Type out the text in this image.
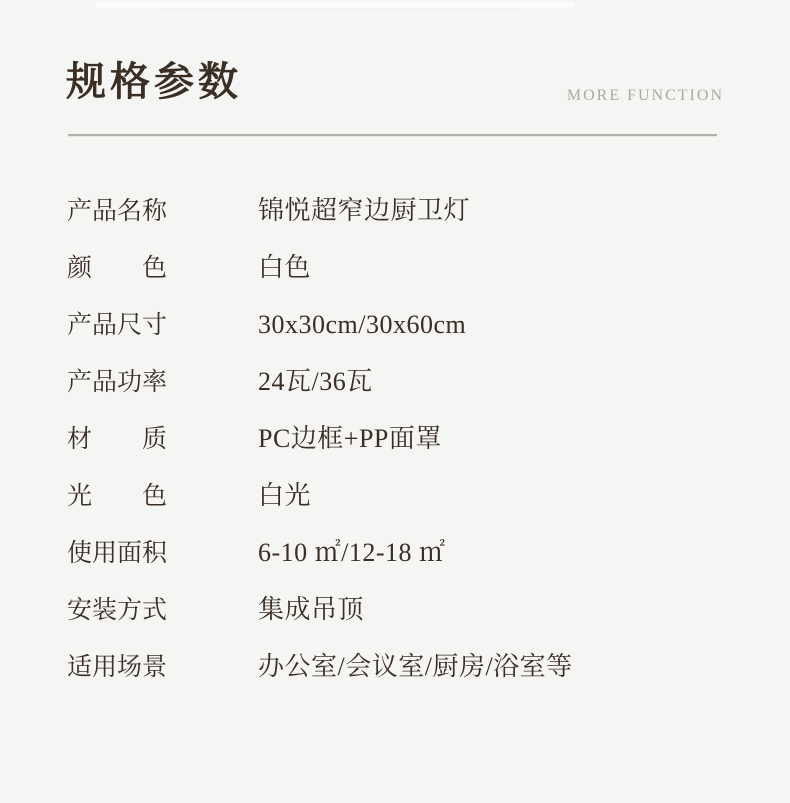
规格参数	MORE FUNCTION
产品名称	锦悦超窄边厨卫灯
颜色	白色
产品尺寸	30x30cm/30x60cm
产品功率	24瓦/36瓦
材质	PC边框+PP面罩
光色	白光
使用面积	6-10 ㎡/12-18 ㎡
安装方式	集成吊顶
适用场景	办公室/会议室/厨房/浴室等
